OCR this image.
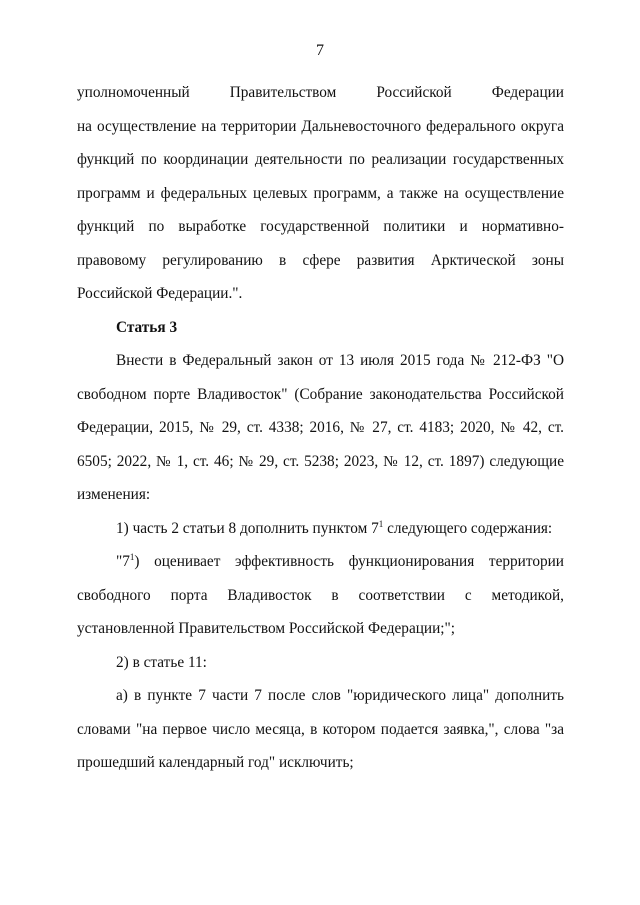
7

уполномоченный Правительством Российской Федерации

на осуществление на территории Дальневосточного федерального округа функций по координации деятельности по реализации государственных программ и федеральных целевых программ, а также на осуществление функций по выработке государственной политики и нормативно-правовому регулированию в сфере развития Арктической зоны Российской Федерации.".

Статья 3

Внести в Федеральный закон от 13 июля 2015 года № 212-ФЗ "О свободном порте Владивосток" (Собрание законодательства Российской Федерации, 2015, № 29, ст. 4338; 2016, № 27, ст. 4183; 2020, № 42, ст. 6505; 2022, № 1, ст. 46; № 29, ст. 5238; 2023, № 12, ст. 1897) следующие изменения:

1) часть 2 статьи 8 дополнить пунктом $7^1$ следующего содержания:

"$7^1$) оценивает эффективность функционирования территории свободного порта Владивосток в соответствии с методикой, установленной Правительством Российской Федерации;";

2) в статье 11:

а) в пункте 7 части 7 после слов "юридического лица" дополнить словами "на первое число месяца, в котором подается заявка,", слова "за прошедший календарный год" исключить;
